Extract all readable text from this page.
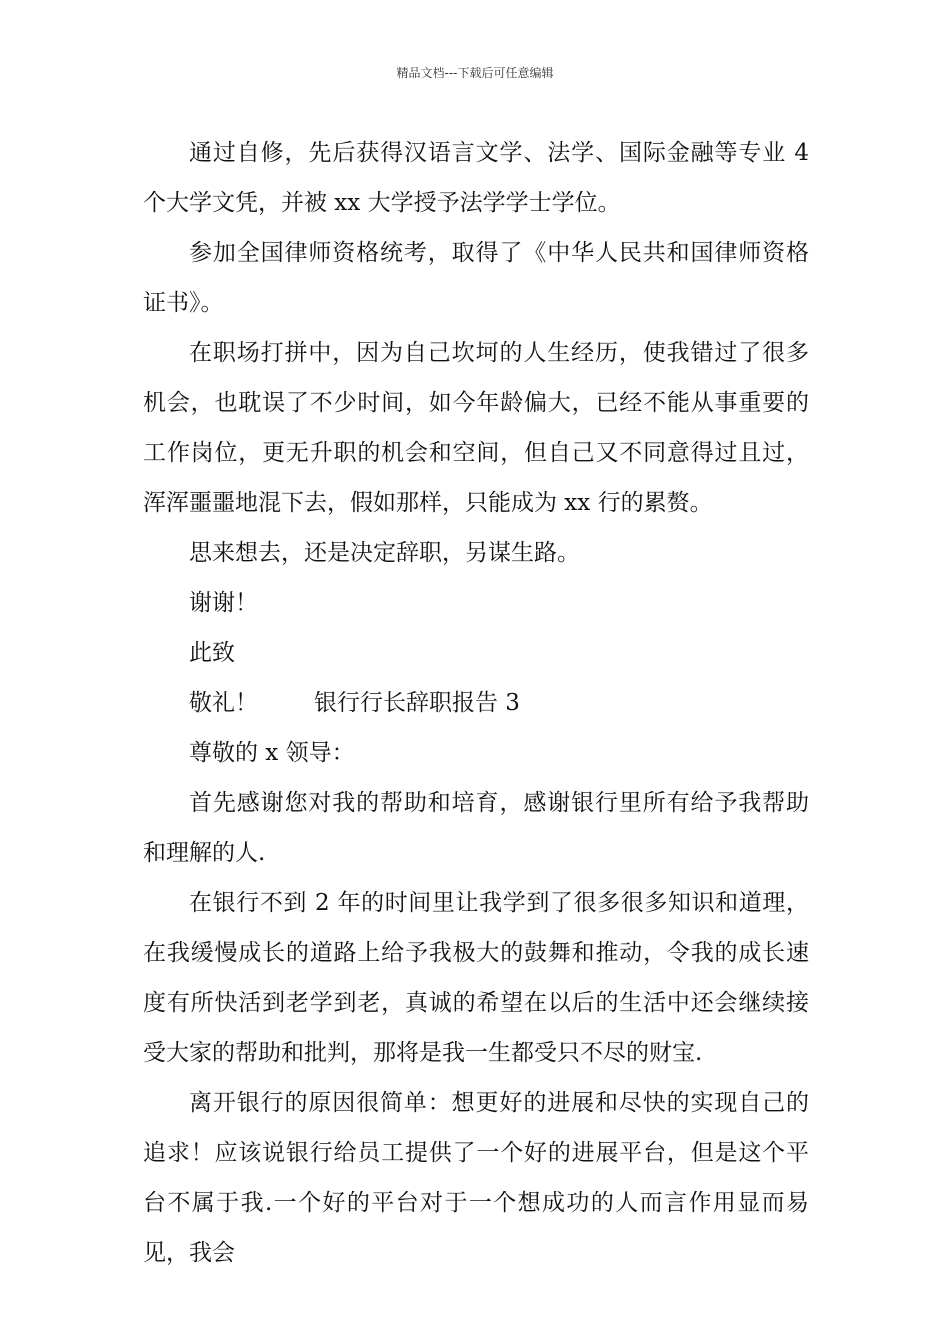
精品文档---下载后可任意编辑

通过自修，先后获得汉语言文学、法学、国际金融等专业 4 个大学文凭，并被 xx 大学授予法学学士学位。

参加全国律师资格统考，取得了《中华人民共和国律师资格证书》。

在职场打拼中，因为自己坎坷的人生经历，使我错过了很多机会，也耽误了不少时间，如今年龄偏大，已经不能从事重要的工作岗位，更无升职的机会和空间，但自己又不同意得过且过，浑浑噩噩地混下去，假如那样，只能成为 xx 行的累赘。

思来想去，还是决定辞职，另谋生路。

谢谢！

此致

敬礼！ 银行行长辞职报告 3

尊敬的 x 领导：

首先感谢您对我的帮助和培育，感谢银行里所有给予我帮助和理解的人.

在银行不到 2 年的时间里让我学到了很多很多知识和道理，在我缓慢成长的道路上给予我极大的鼓舞和推动，令我的成长速度有所快活到老学到老，真诚的希望在以后的生活中还会继续接受大家的帮助和批判，那将是我一生都受只不尽的财宝.

离开银行的原因很简单：想更好的进展和尽快的实现自己的追求！应该说银行给员工提供了一个好的进展平台，但是这个平台不属于我.一个好的平台对于一个想成功的人而言作用显而易见，我会
